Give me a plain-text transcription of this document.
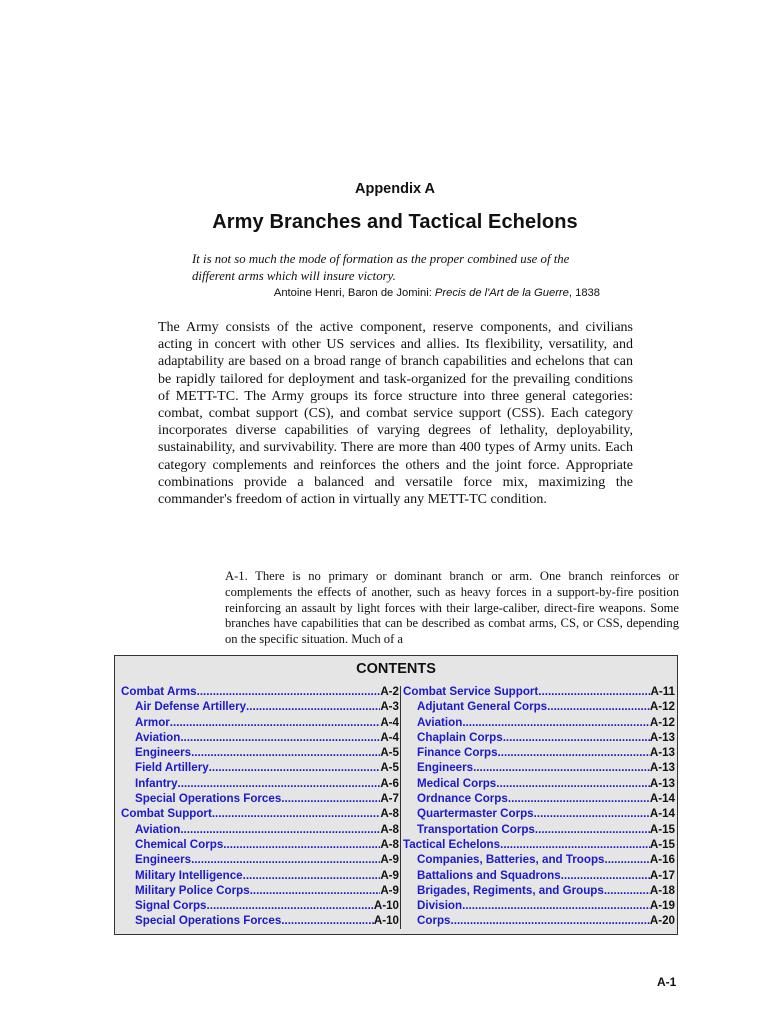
Appendix A
Army Branches and Tactical Echelons
It is not so much the mode of formation as the proper combined use of the different arms which will insure victory.
Antoine Henri, Baron de Jomini: Precis de l'Art de la Guerre, 1838

The Army consists of the active component, reserve components, and civilians acting in concert with other US services and allies. Its flexibility, versatility, and adaptability are based on a broad range of branch capabilities and echelons that can be rapidly tailored for deployment and task-organized for the prevailing conditions of METT-TC. The Army groups its force structure into three general categories: combat, combat support (CS), and combat service support (CSS). Each category incorporates diverse capabilities of varying degrees of lethality, deployability, sustainability, and survivability. There are more than 400 types of Army units. Each category complements and reinforces the others and the joint force. Appropriate combinations provide a balanced and versatile force mix, maximizing the commander's freedom of action in virtually any METT-TC condition.

A-1. There is no primary or dominant branch or arm. One branch reinforces or complements the effects of another, such as heavy forces in a support-by-fire position reinforcing an assault by light forces with their large-caliber, direct-fire weapons. Some branches have capabilities that can be described as combat arms, CS, or CSS, depending on the specific situation. Much of a

CONTENTS
Combat Arms .....	A-2
Air Defense Artillery .....	A-3
Armor .....	A-4
Aviation .....	A-4
Engineers .....	A-5
Field Artillery .....	A-5
Infantry .....	A-6
Special Operations Forces .....	A-7
Combat Support .....	A-8
Aviation .....	A-8
Chemical Corps .....	A-8
Engineers .....	A-9
Military Intelligence .....	A-9
Military Police Corps .....	A-9
Signal Corps .....	A-10
Special Operations Forces .....	A-10
Combat Service Support .....	A-11
Adjutant General Corps .....	A-12
Aviation .....	A-12
Chaplain Corps .....	A-13
Finance Corps .....	A-13
Engineers .....	A-13
Medical Corps .....	A-13
Ordnance Corps .....	A-14
Quartermaster Corps .....	A-14
Transportation Corps .....	A-15
Tactical Echelons .....	A-15
Companies, Batteries, and Troops .....	A-16
Battalions and Squadrons .....	A-17
Brigades, Regiments, and Groups .....	A-18
Division .....	A-19
Corps .....	A-20
A-1
